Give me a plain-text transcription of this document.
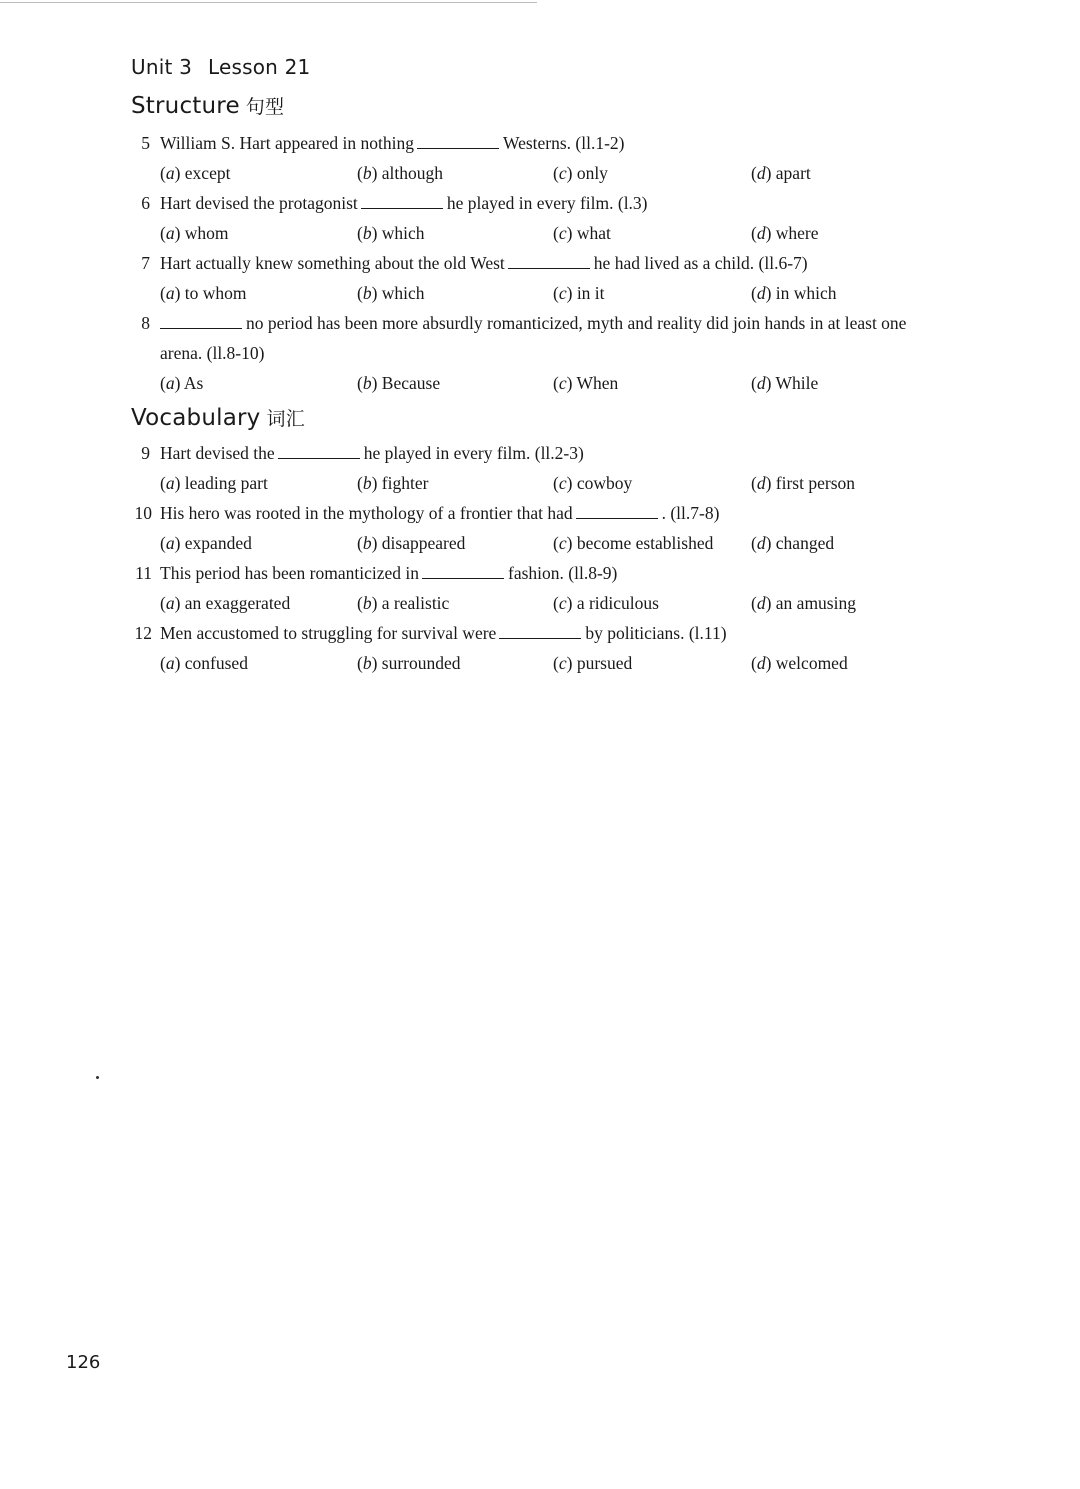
Unit 3 Lesson 21
Structure 句型
5 William S. Hart appeared in nothing	Westerns. (ll.1-2)
(a) except	(b) although	(c) only	(d) apart
6 Hart devised the protagonist	he played in every film. (l.3)
(a) whom	(b) which	(c) what	(d) where
7 Hart actually knew something about the old West	he had lived as a child. (ll.6-7)
(a) to whom	(b) which	(c) in it	(d) in which
8	no period has been more absurdly romanticized, myth and reality did join hands in at least one
arena. (ll.8-10)
(a) As	(b) Because	(c) When	(d) While
Vocabulary 词汇
9 Hart devised the	he played in every film. (ll.2-3)
(a) leading part	(b) fighter	(c) cowboy	(d) first person
10 His hero was rooted in the mythology of a frontier that had	. (ll.7-8)
(a) expanded	(b) disappeared	(c) become established (d) changed
11 This period has been romanticized in	fashion. (ll.8-9)
(a) an exaggerated	(b) a realistic	(c) a ridiculous	(d) an amusing
12 Men accustomed to struggling for survival were	by politicians. (l.11)
(a) confused	(b) surrounded	(c) pursued	(d) welcomed
126
